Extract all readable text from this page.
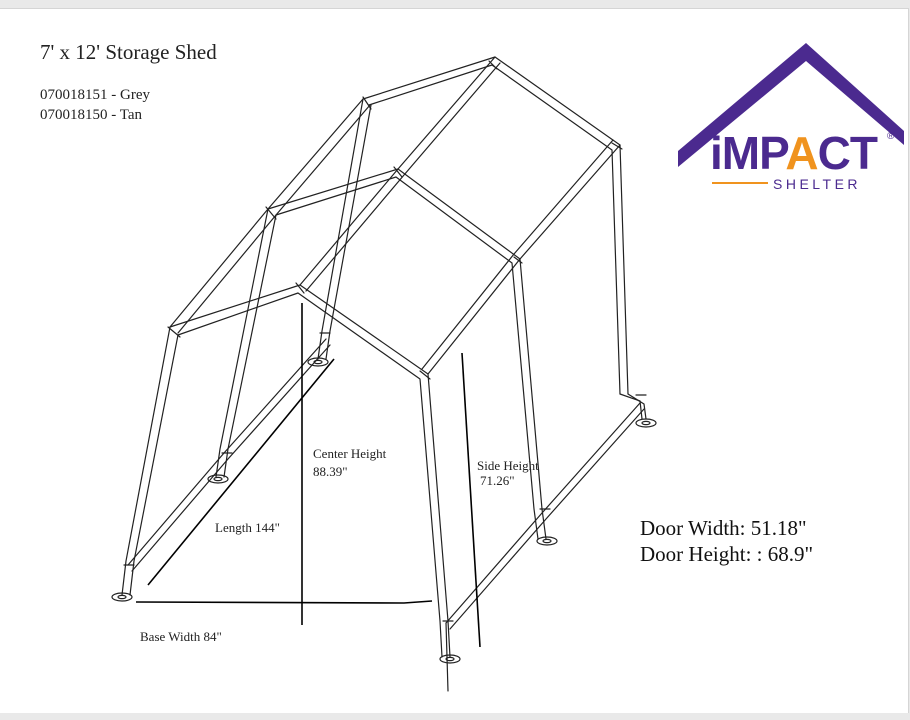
7' x 12' Storage Shed
070018151 - Grey
070018150 - Tan
Center Height
88.39"	Side Height
71.26"
Length 144"
Base Width 84"
Door Width: 51.18"
Door Height: : 68.9"
iMPACT ®
SHELTER
